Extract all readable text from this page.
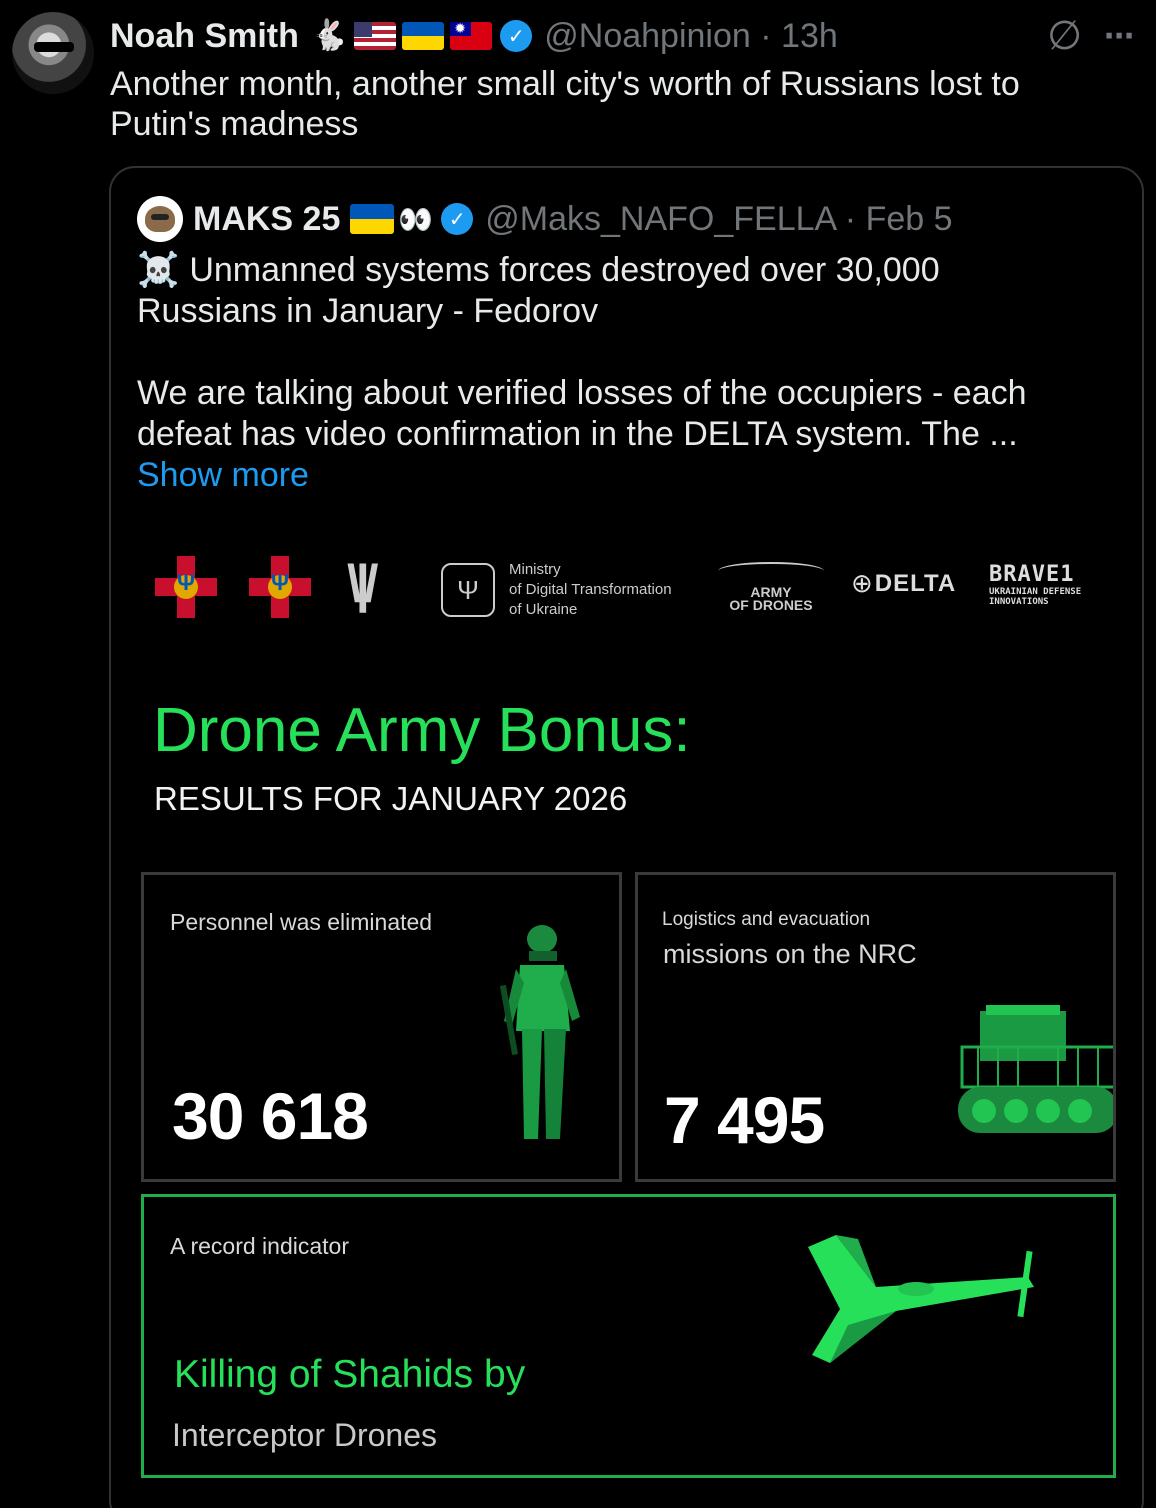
Noah Smith 🐇
✹	✓ @Noahpinion · 13h	∅ ⋯
Another month, another small city's worth of Russians lost to
Putin's madness
MAKS 25 👀 ✓ @Maks_NAFO_FELLA · Feb 5

☠️ Unmanned systems forces destroyed over 30,000

Russians in January - Fedorov

We are talking about verified losses of the occupiers - each

defeat has video confirmation in the DELTA system. The ...

Show more
Ψ	Ψ \|/	Ψ
Ministry
of Digital Transformation
of Ukraine
ARMY
OF DRONES
⊕ DELTA BRAVE1
UKRAINIAN DEFENSE
INNOVATIONS
Drone Army Bonus:
RESULTS FOR JANUARY 2026
Personnel was eliminated
30 618
Logistics and evacuation
missions on the NRC
7 495
A record indicator
Killing of Shahids by
Interceptor Drones
